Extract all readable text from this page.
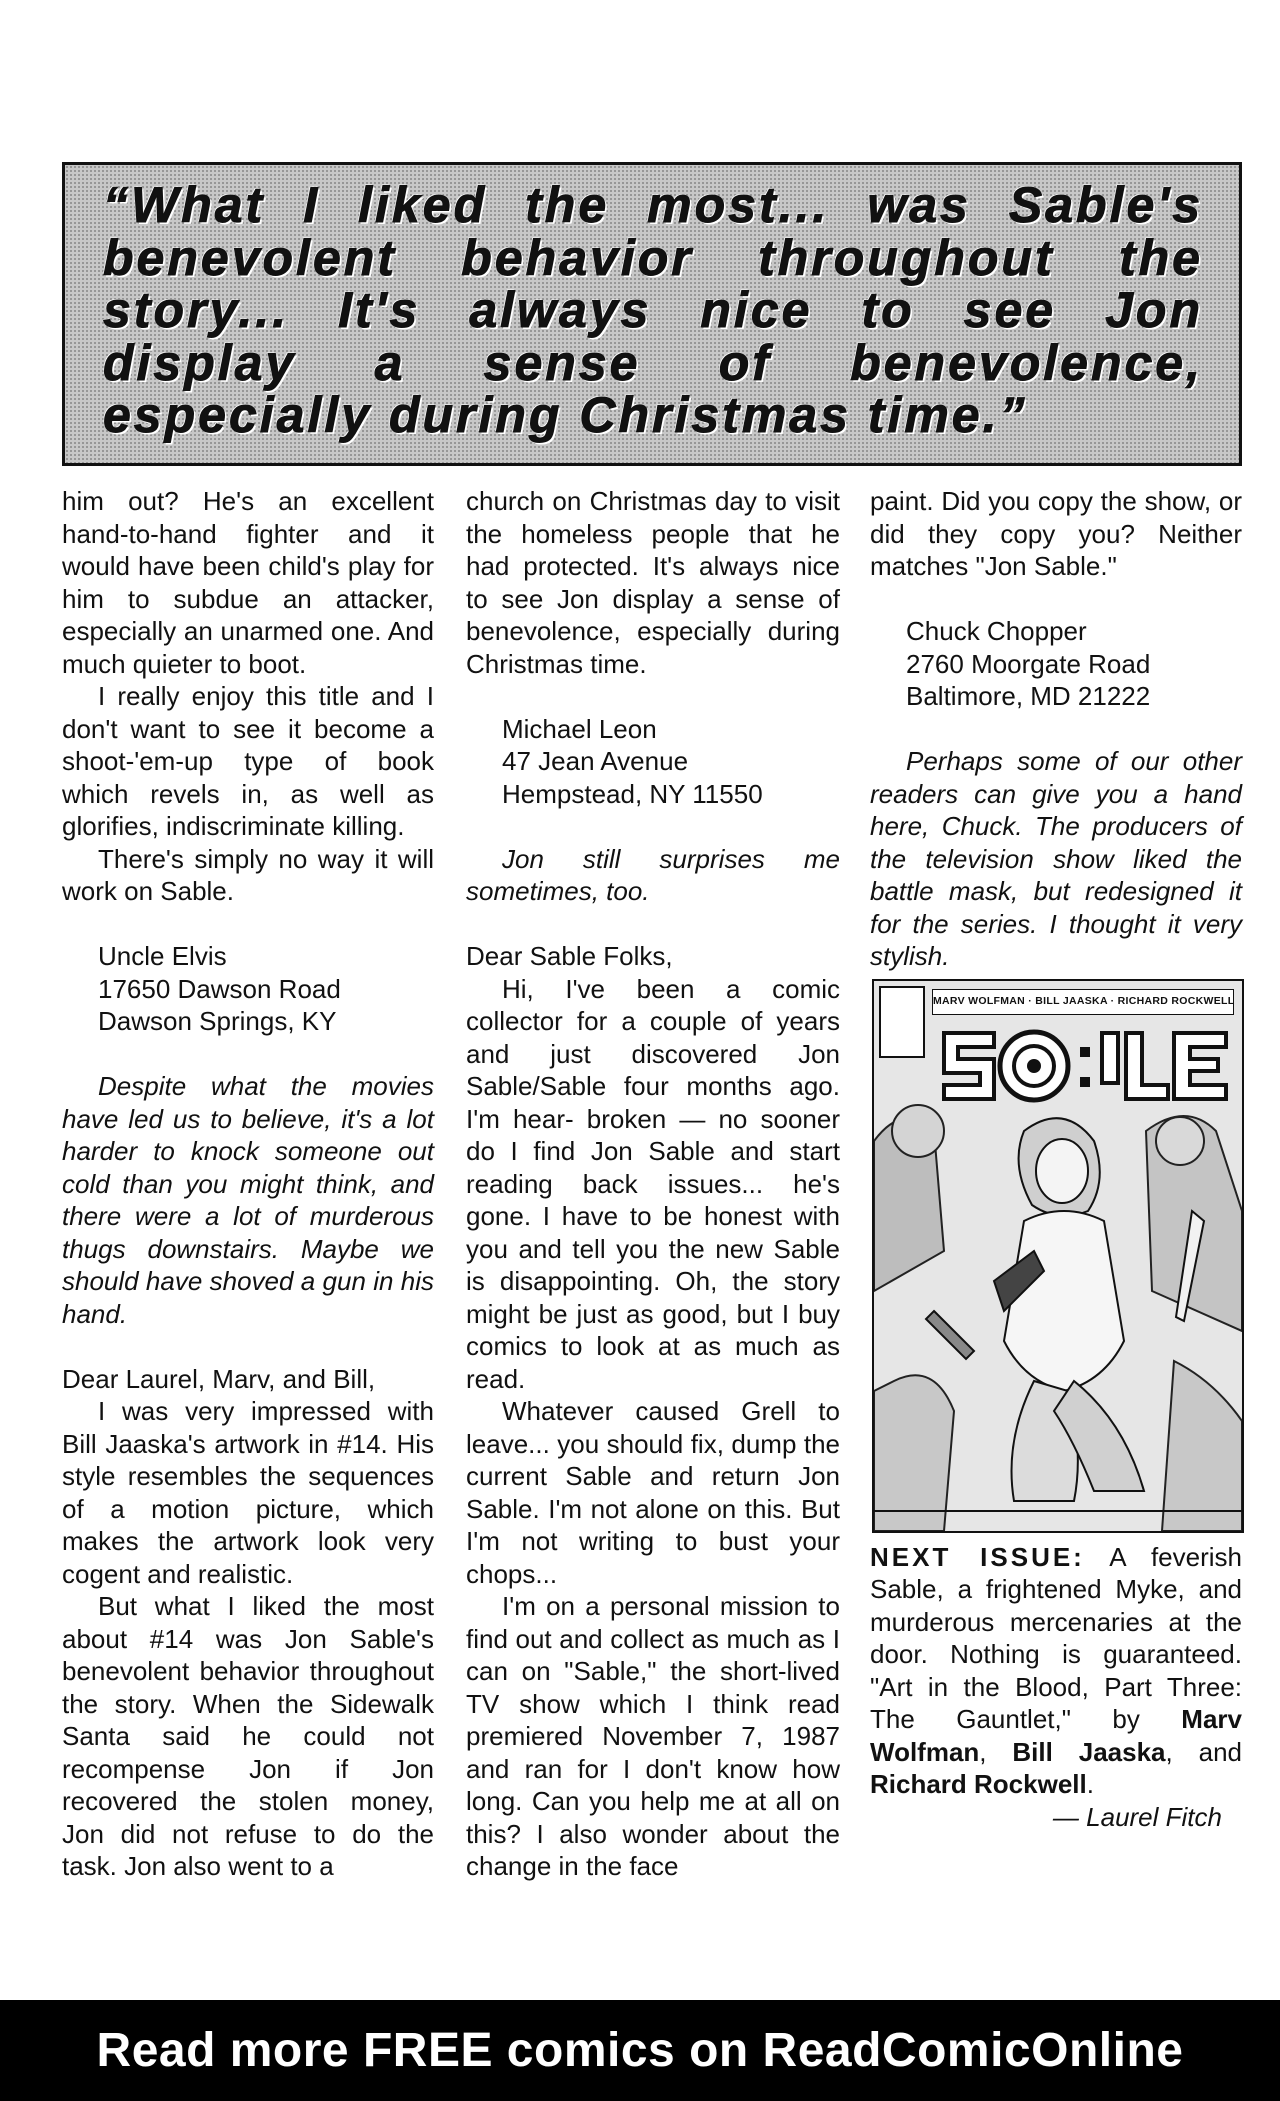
“What I liked the most... was Sable's benevolent behavior throughout the story... It's always nice to see Jon display a sense of benevolence, especially during Christmas time.”

him out? He's an excellent hand-to-hand fighter and it would have been child's play for him to subdue an attacker, especially an unarmed one. And much quieter to boot.

I really enjoy this title and I don't want to see it become a shoot-'em-up type of book which revels in, as well as glorifies, indiscriminate killing.

There's simply no way it will work on Sable.

Uncle Elvis
17650 Dawson Road
Dawson Springs, KY

Despite what the movies have led us to believe, it's a lot harder to knock someone out cold than you might think, and there were a lot of murderous thugs downstairs. Maybe we should have shoved a gun in his hand.

Dear Laurel, Marv, and Bill,

I was very impressed with Bill Jaaska's artwork in #14. His style resembles the sequences of a motion picture, which makes the artwork look very cogent and realistic.

But what I liked the most about #14 was Jon Sable's benevolent behavior throughout the story. When the Sidewalk Santa said he could not recompense Jon if Jon recovered the stolen money, Jon did not refuse to do the task. Jon also went to a

church on Christmas day to visit the homeless people that he had protected. It's always nice to see Jon display a sense of benevolence, especially during Christmas time.

Michael Leon
47 Jean Avenue
Hempstead, NY 11550

Jon still surprises me sometimes, too.

Dear Sable Folks,

Hi, I've been a comic collector for a couple of years and just discovered Jon Sable/Sable four months ago. I'm hear- broken — no sooner do I find Jon Sable and start reading back issues... he's gone. I have to be honest with you and tell you the new Sable is disappointing. Oh, the story might be just as good, but I buy comics to look at as much as read.

Whatever caused Grell to leave... you should fix, dump the current Sable and return Jon Sable. I'm not alone on this. But I'm not writing to bust your chops...

I'm on a personal mission to find out and collect as much as I can on "Sable," the short-lived TV show which I think read premiered November 7, 1987 and ran for I don't know how long. Can you help me at all on this? I also wonder about the change in the face

paint. Did you copy the show, or did they copy you? Neither matches "Jon Sable."

Chuck Chopper
2760 Moorgate Road
Baltimore, MD 21222

Perhaps some of our other readers can give you a hand here, Chuck. The producers of the television show liked the battle mask, but redesigned it for the series. I thought it very stylish.

MARV WOLFMAN · BILL JAASKA · RICHARD ROCKWELL

NEXT ISSUE: A feverish Sable, a frightened Myke, and murderous mercenaries at the door. Nothing is guaranteed. "Art in the Blood, Part Three: The Gauntlet," by Marv Wolfman, Bill Jaaska, and Richard Rockwell.

— Laurel Fitch
Read more FREE comics on ReadComicOnline
